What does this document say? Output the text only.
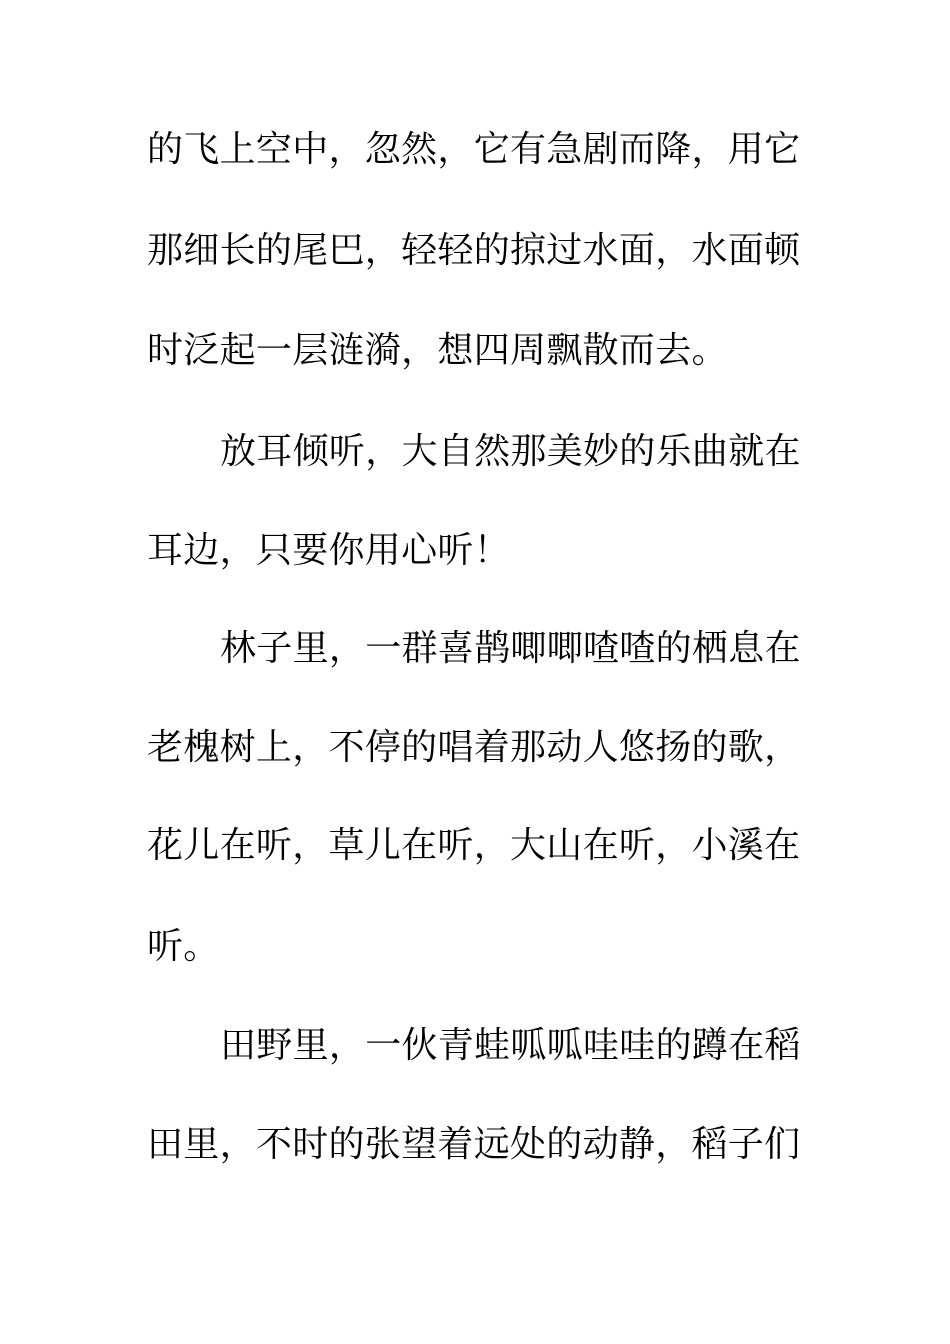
的飞上空中，忽然，它有急剧而降，用它
那细长的尾巴，轻轻的掠过水面，水面顿
时泛起一层涟漪，想四周飘散而去。
放耳倾听，大自然那美妙的乐曲就在
耳边，只要你用心听！
林子里，一群喜鹊唧唧喳喳的栖息在
老槐树上，不停的唱着那动人悠扬的歌，
花儿在听，草儿在听，大山在听，小溪在
听。
田野里，一伙青蛙呱呱哇哇的蹲在稻
田里，不时的张望着远处的动静，稻子们
